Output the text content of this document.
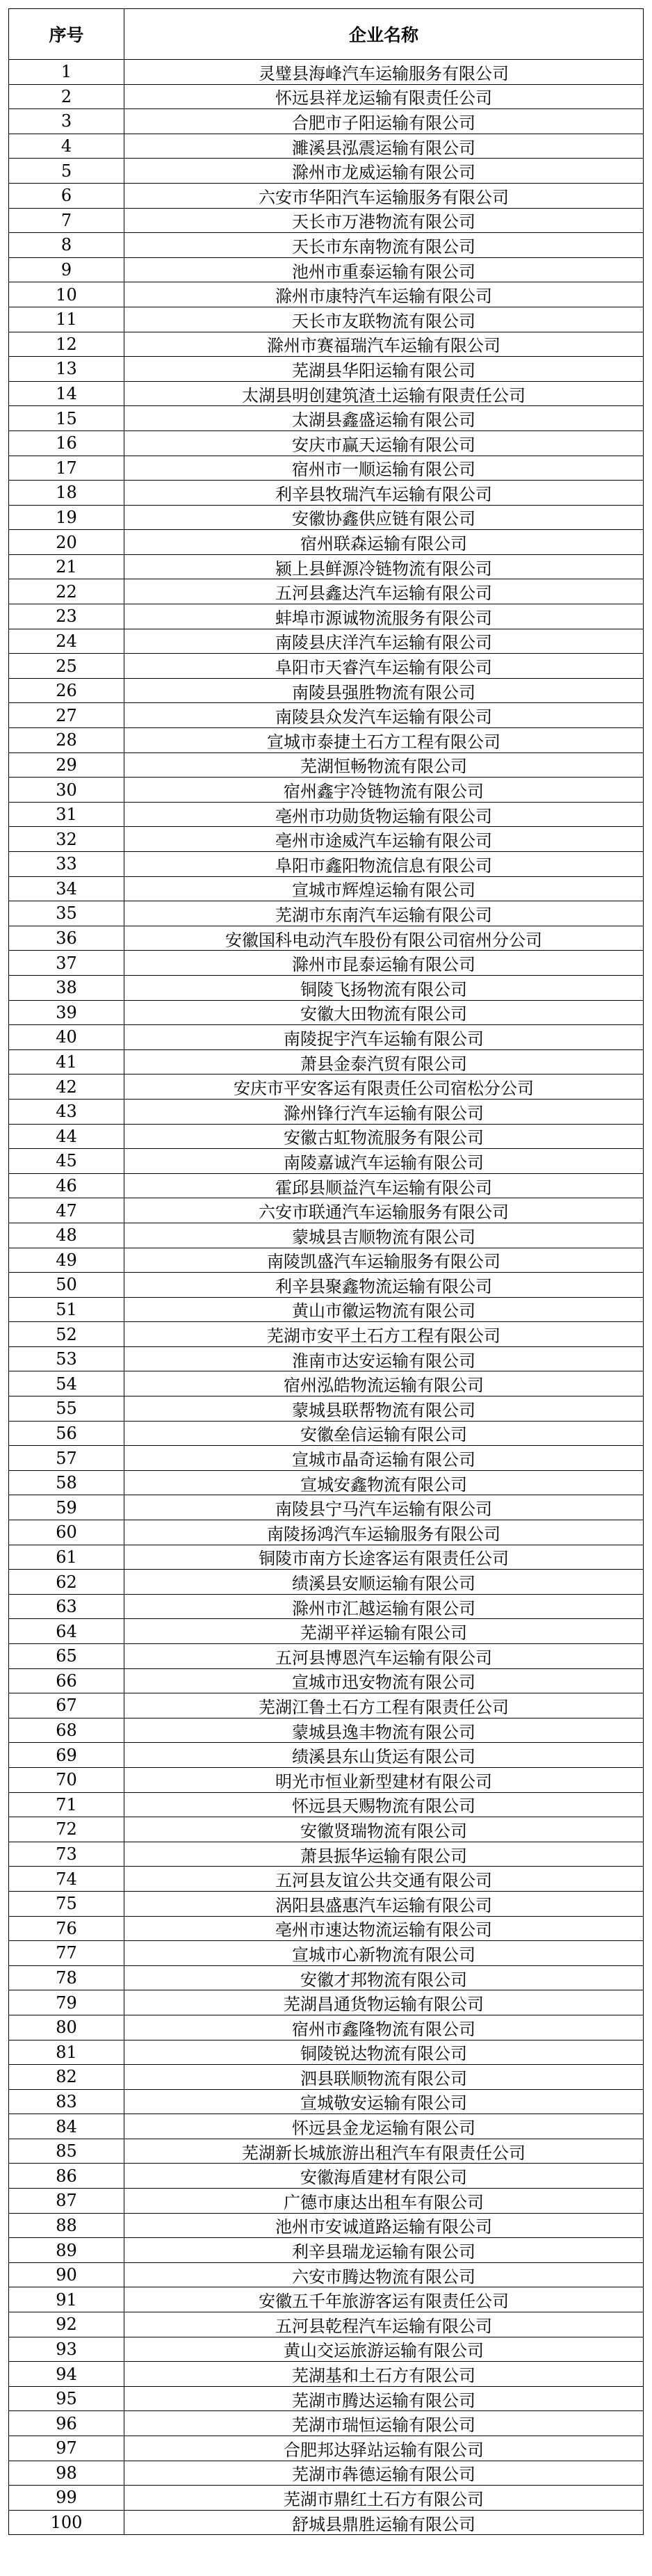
序号	企业名称
1	灵璧县海峰汽车运输服务有限公司
2	怀远县祥龙运输有限责任公司
3	合肥市子阳运输有限公司
4	濉溪县泓震运输有限公司
5	滁州市龙威运输有限公司
6	六安市华阳汽车运输服务有限公司
7	天长市万港物流有限公司
8	天长市东南物流有限公司
9	池州市重泰运输有限公司
10	滁州市康特汽车运输有限公司
11	天长市友联物流有限公司
12	滁州市赛福瑞汽车运输有限公司
13	芜湖县华阳运输有限公司
14	太湖县明创建筑渣土运输有限责任公司
15	太湖县鑫盛运输有限公司
16	安庆市赢天运输有限公司
17	宿州市一顺运输有限公司
18	利辛县牧瑞汽车运输有限公司
19	安徽协鑫供应链有限公司
20	宿州联森运输有限公司
21	颍上县鲜源冷链物流有限公司
22	五河县鑫达汽车运输有限公司
23	蚌埠市源诚物流服务有限公司
24	南陵县庆洋汽车运输有限公司
25	阜阳市天睿汽车运输有限公司
26	南陵县强胜物流有限公司
27	南陵县众发汽车运输有限公司
28	宣城市泰捷土石方工程有限公司
29	芜湖恒畅物流有限公司
30	宿州鑫宇冷链物流有限公司
31	亳州市功勋货物运输有限公司
32	亳州市途威汽车运输有限公司
33	阜阳市鑫阳物流信息有限公司
34	宣城市辉煌运输有限公司
35	芜湖市东南汽车运输有限公司
36	安徽国科电动汽车股份有限公司宿州分公司
37	滁州市昆泰运输有限公司
38	铜陵飞扬物流有限公司
39	安徽大田物流有限公司
40	南陵捉宇汽车运输有限公司
41	萧县金泰汽贸有限公司
42	安庆市平安客运有限责任公司宿松分公司
43	滁州锋行汽车运输有限公司
44	安徽古虹物流服务有限公司
45	南陵嘉诚汽车运输有限公司
46	霍邱县顺益汽车运输有限公司
47	六安市联通汽车运输服务有限公司
48	蒙城县吉顺物流有限公司
49	南陵凯盛汽车运输服务有限公司
50	利辛县聚鑫物流运输有限公司
51	黄山市徽运物流有限公司
52	芜湖市安平土石方工程有限公司
53	淮南市达安运输有限公司
54	宿州泓皓物流运输有限公司
55	蒙城县联帮物流有限公司
56	安徽垒信运输有限公司
57	宣城市晶奇运输有限公司
58	宣城安鑫物流有限公司
59	南陵县宁马汽车运输有限公司
60	南陵扬鸿汽车运输服务有限公司
61	铜陵市南方长途客运有限责任公司
62	绩溪县安顺运输有限公司
63	滁州市汇越运输有限公司
64	芜湖平祥运输有限公司
65	五河县博恩汽车运输有限公司
66	宣城市迅安物流有限公司
67	芜湖江鲁土石方工程有限责任公司
68	蒙城县逸丰物流有限公司
69	绩溪县东山货运有限公司
70	明光市恒业新型建材有限公司
71	怀远县天赐物流有限公司
72	安徽贤瑞物流有限公司
73	萧县振华运输有限公司
74	五河县友谊公共交通有限公司
75	涡阳县盛惠汽车运输有限公司
76	亳州市速达物流运输有限公司
77	宣城市心新物流有限公司
78	安徽才邦物流有限公司
79	芜湖昌通货物运输有限公司
80	宿州市鑫隆物流有限公司
81	铜陵锐达物流有限公司
82	泗县联顺物流有限公司
83	宣城敬安运输有限公司
84	怀远县金龙运输有限公司
85	芜湖新长城旅游出租汽车有限责任公司
86	安徽海盾建材有限公司
87	广德市康达出租车有限公司
88	池州市安诚道路运输有限公司
89	利辛县瑞龙运输有限公司
90	六安市腾达物流有限公司
91	安徽五千年旅游客运有限责任公司
92	五河县乾程汽车运输有限公司
93	黄山交运旅游运输有限公司
94	芜湖基和土石方有限公司
95	芜湖市腾达运输有限公司
96	芜湖市瑞恒运输有限公司
97	合肥邦达驿站运输有限公司
98	芜湖市犇德运输有限公司
99	芜湖市鼎红土石方有限公司
100	舒城县鼎胜运输有限公司
